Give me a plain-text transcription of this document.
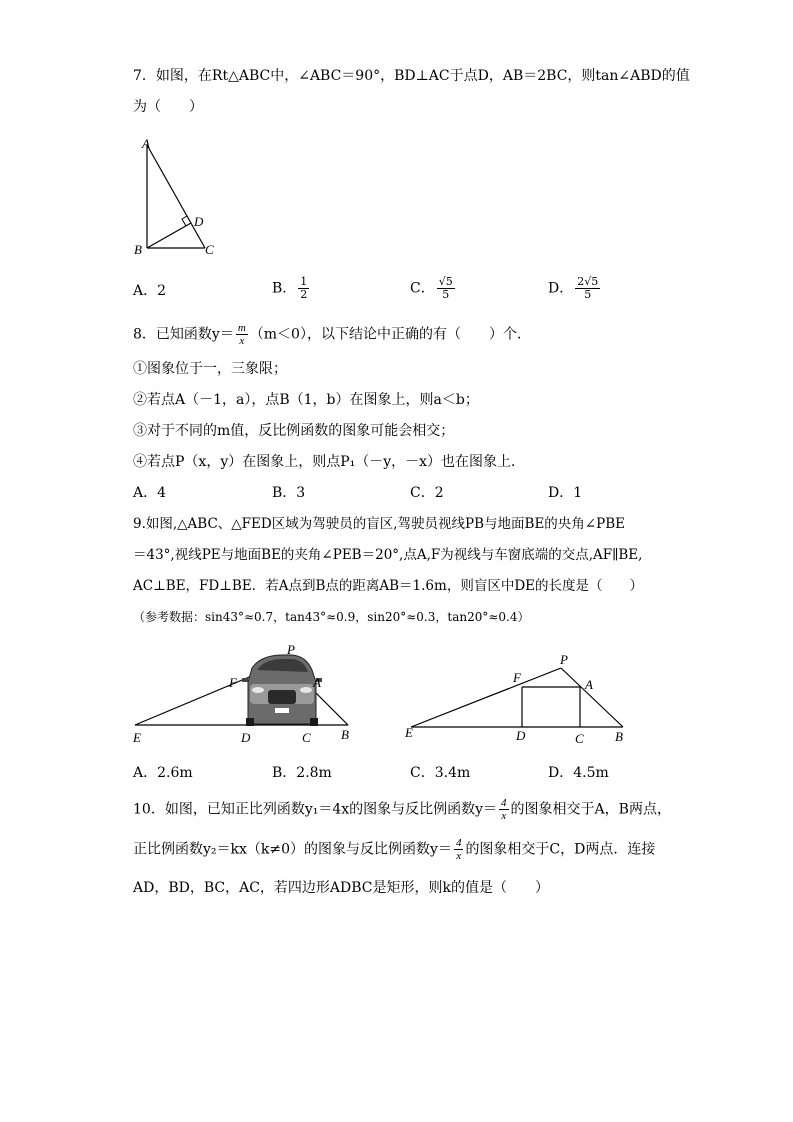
7．如图，在Rt△ABC中，∠ABC＝90°，BD⊥AC于点D，AB＝2BC，则tan∠ABD的值
为（　　）
A
B	C
D
A．2	B． $\frac{1}{2}$	C． $\frac{√5}{5}$	D． $\frac{2√5}{5}$
8．已知函数$y= \frac{m}{x} (m<0)$，以下结论中正确的有（　　）个．
①图象位于一，三象限；
②若点A（－1，a），点B（1，b）在图象上，则a＜b；
③对于不同的m值，反比例函数的图象可能会相交；
④若点P（x，y）在图象上，则点P₁（－y，－x）也在图象上．
A．4	B．3	C．2	D．1
9.如图,△ABC、△FED区域为驾驶员的盲区,驾驶员视线PB与地面BE的央角∠PBE
＝43°,视线PE与地面BE的夹角∠PEB＝20°,点A,F为视线与车窗底端的交点,AF∥BE,
AC⊥BE，FD⊥BE．若A点到B点的距离AB＝1.6m，则盲区中DE的长度是（　　）
（参考数据：sin43°≈0.7，tan43°≈0.9，sin20°≈0.3，tan20°≈0.4）
P
F	A
E	D	C B
P
F	A
E	D	C B
A．2.6m	B．2.8m	C．3.4m	D．4.5m
10．如图，已知正比列函数y₁＝4x的图象与反比例函数$y= \frac{4}{x}$ 的图象相交于A，B两点，
正比例函数y₂＝kx（k≠0）的图象与反比例函数$y= \frac{4}{x}$ 的图象相交于C，D两点．连接
AD，BD，BC，AC，若四边形ADBC是矩形，则k的值是（　　）
